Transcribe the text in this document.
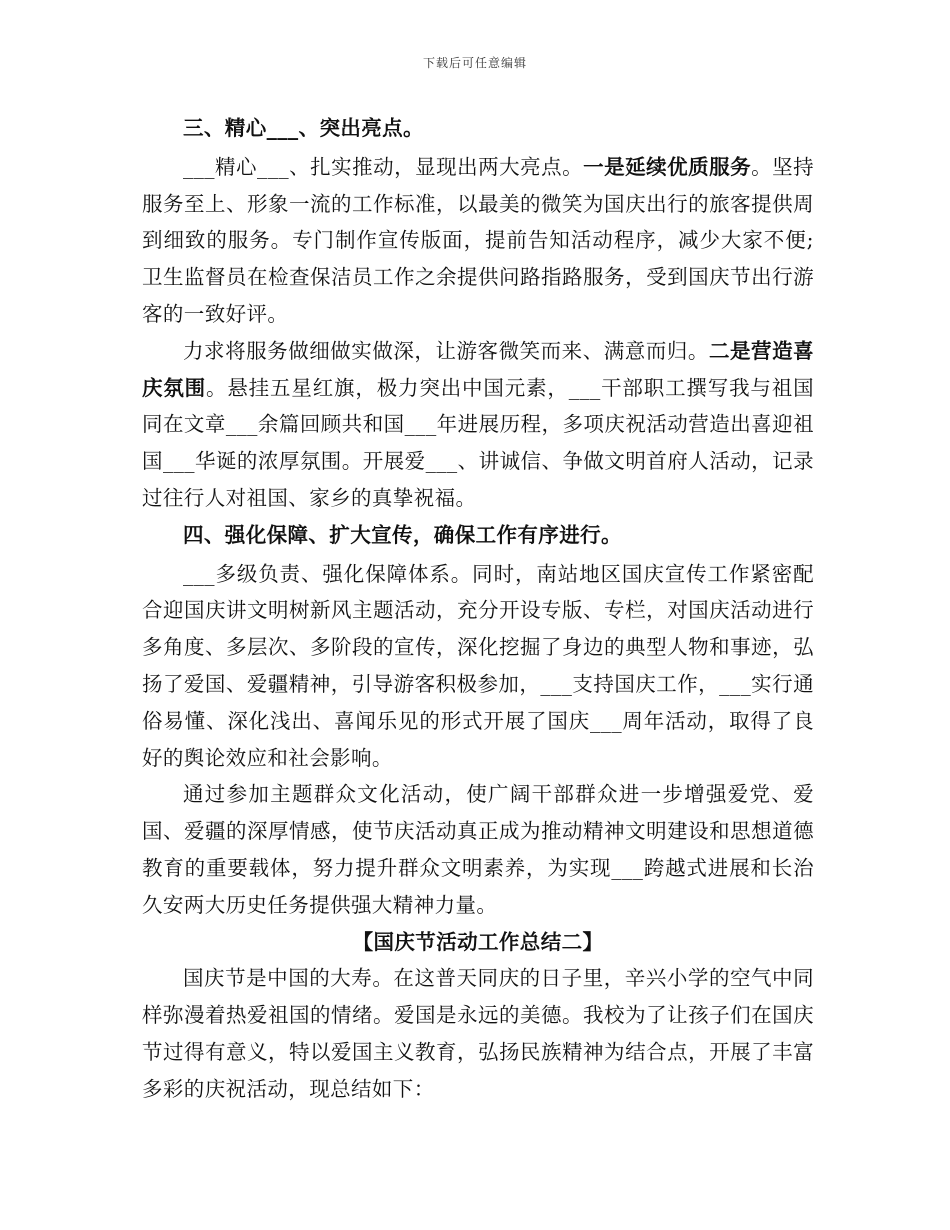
下载后可任意编辑

三、精心___、突出亮点。

___精心___、扎实推动，显现出两大亮点。一是延续优质服务。坚持服务至上、形象一流的工作标准，以最美的微笑为国庆出行的旅客提供周到细致的服务。专门制作宣传版面，提前告知活动程序，减少大家不便;卫生监督员在检查保洁员工作之余提供问路指路服务，受到国庆节出行游客的一致好评。

力求将服务做细做实做深，让游客微笑而来、满意而归。二是营造喜庆氛围。悬挂五星红旗，极力突出中国元素，___干部职工撰写我与祖国同在文章___余篇回顾共和国___年进展历程，多项庆祝活动营造出喜迎祖国___华诞的浓厚氛围。开展爱___、讲诚信、争做文明首府人活动，记录过往行人对祖国、家乡的真挚祝福。

四、强化保障、扩大宣传，确保工作有序进行。

___多级负责、强化保障体系。同时，南站地区国庆宣传工作紧密配合迎国庆讲文明树新风主题活动，充分开设专版、专栏，对国庆活动进行多角度、多层次、多阶段的宣传，深化挖掘了身边的典型人物和事迹，弘扬了爱国、爱疆精神，引导游客积极参加，___支持国庆工作，___实行通俗易懂、深化浅出、喜闻乐见的形式开展了国庆___周年活动，取得了良好的舆论效应和社会影响。

通过参加主题群众文化活动，使广阔干部群众进一步增强爱党、爱国、爱疆的深厚情感，使节庆活动真正成为推动精神文明建设和思想道德教育的重要载体，努力提升群众文明素养，为实现___跨越式进展和长治久安两大历史任务提供强大精神力量。

【国庆节活动工作总结二】

国庆节是中国的大寿。在这普天同庆的日子里，辛兴小学的空气中同样弥漫着热爱祖国的情绪。爱国是永远的美德。我校为了让孩子们在国庆节过得有意义，特以爱国主义教育，弘扬民族精神为结合点，开展了丰富多彩的庆祝活动，现总结如下：
